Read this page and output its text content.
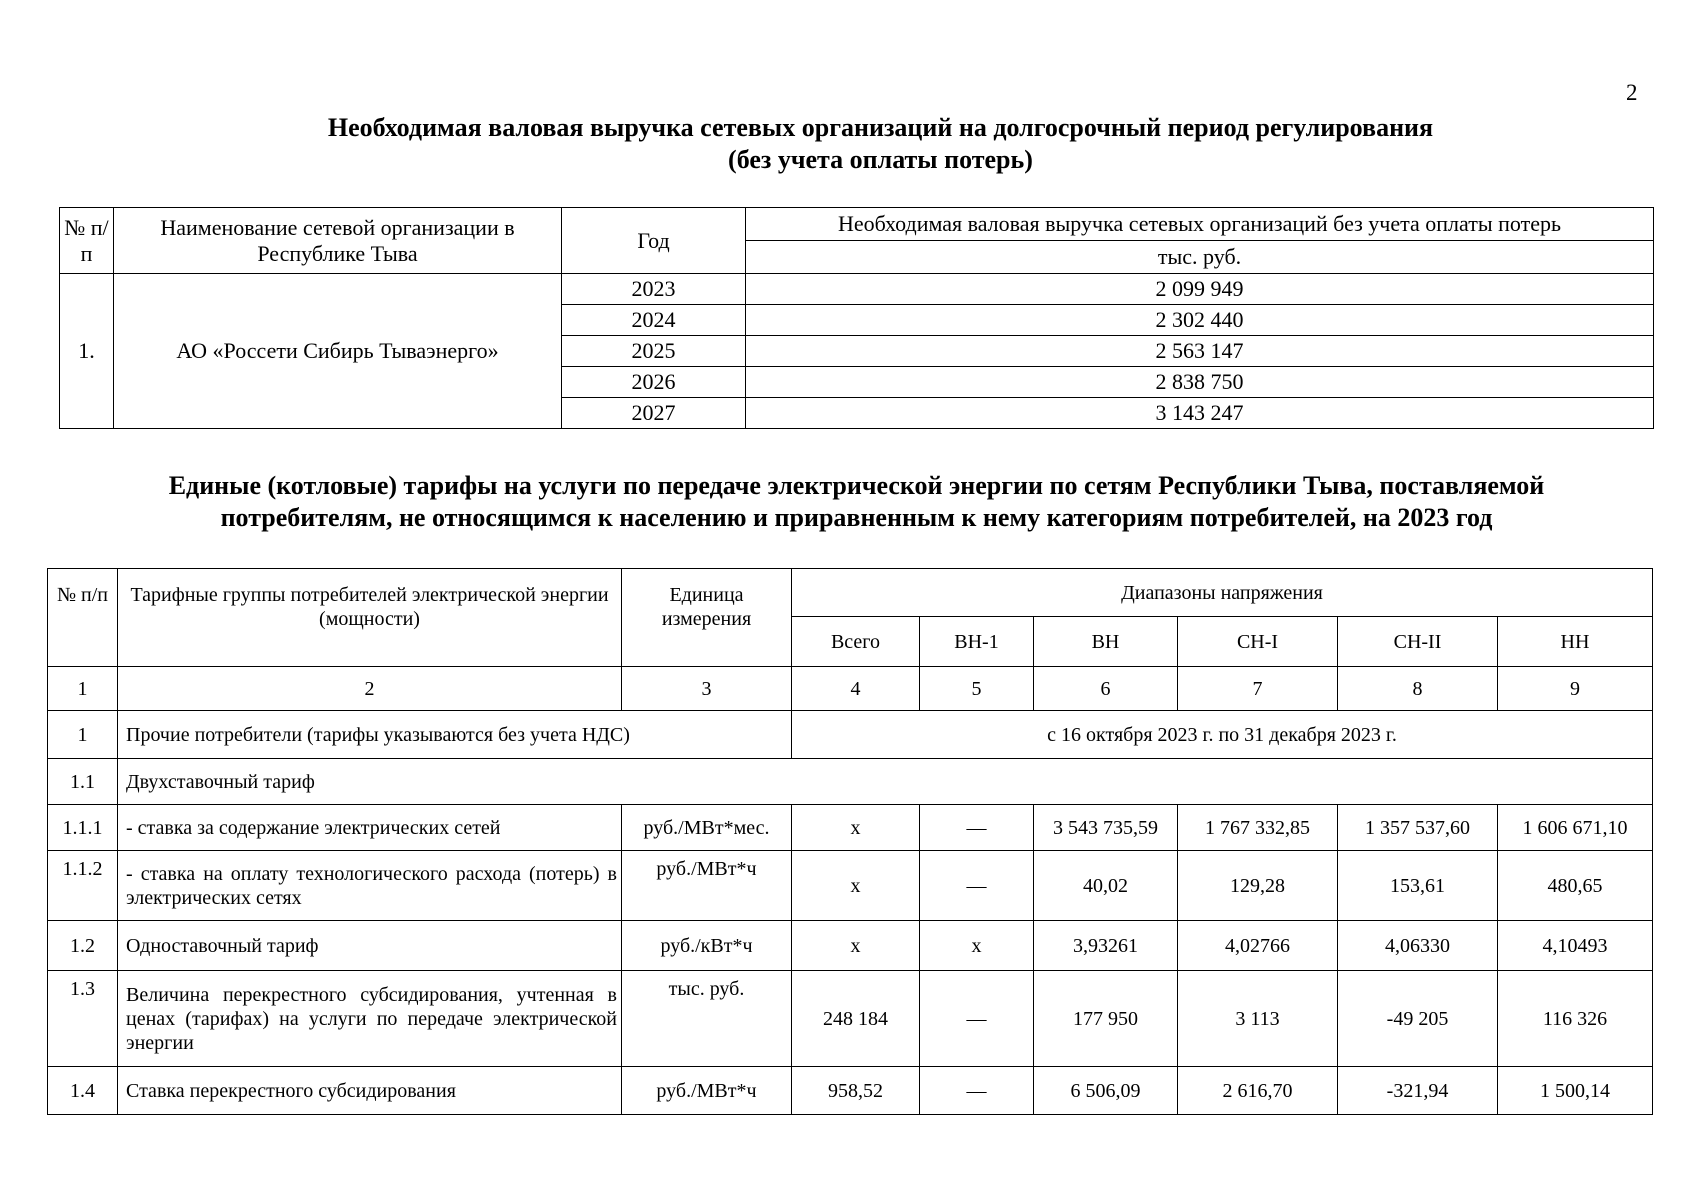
2
Необходимая валовая выручка сетевых организаций на долгосрочный период регулирования
(без учета оплаты потерь)
№ п/п	Наименование сетевой организации в Республике Тыва	Год	Необходимая валовая выручка сетевых организаций без учета оплаты потерь
			тыс. руб.
1.	АО «Россети Сибирь Тываэнерго»	2023	2 099 949
		2024	2 302 440
		2025	2 563 147
		2026	2 838 750
		2027	3 143 247
Единые (котловые) тарифы на услуги по передаче электрической энергии по сетям Республики Тыва, поставляемой
потребителям, не относящимся к населению и приравненным к нему категориям потребителей, на 2023 год
№ п/п	Тарифные группы потребителей электрической энергии (мощности)	Единица измерения	Диапазоны напряжения					
			Всего	ВН-1	ВН	СН-I	СН-II	НН
1	2	3	4	5	6	7	8	9
1	Прочие потребители (тарифы указываются без учета НДС)		с 16 октября 2023 г. по 31 декабря 2023 г.					
1.1	Двухставочный тариф							
1.1.1	- ставка за содержание электрических сетей	руб./МВт*мес.	х	—	3 543 735,59	1 767 332,85	1 357 537,60	1 606 671,10
1.1.2	- ставка на оплату технологического расхода (потерь) в электрических сетях	руб./МВт*ч	х	—	40,02	129,28	153,61	480,65
1.2	Одноставочный тариф	руб./кВт*ч	х	х	3,93261	4,02766	4,06330	4,10493
1.3	Величина перекрестного субсидирования, учтенная в ценах (тарифах) на услуги по передаче электрической энергии	тыс. руб.	248 184	—	177 950	3 113	-49 205	116 326
1.4	Ставка перекрестного субсидирования	руб./МВт*ч	958,52	—	6 506,09	2 616,70	-321,94	1 500,14
